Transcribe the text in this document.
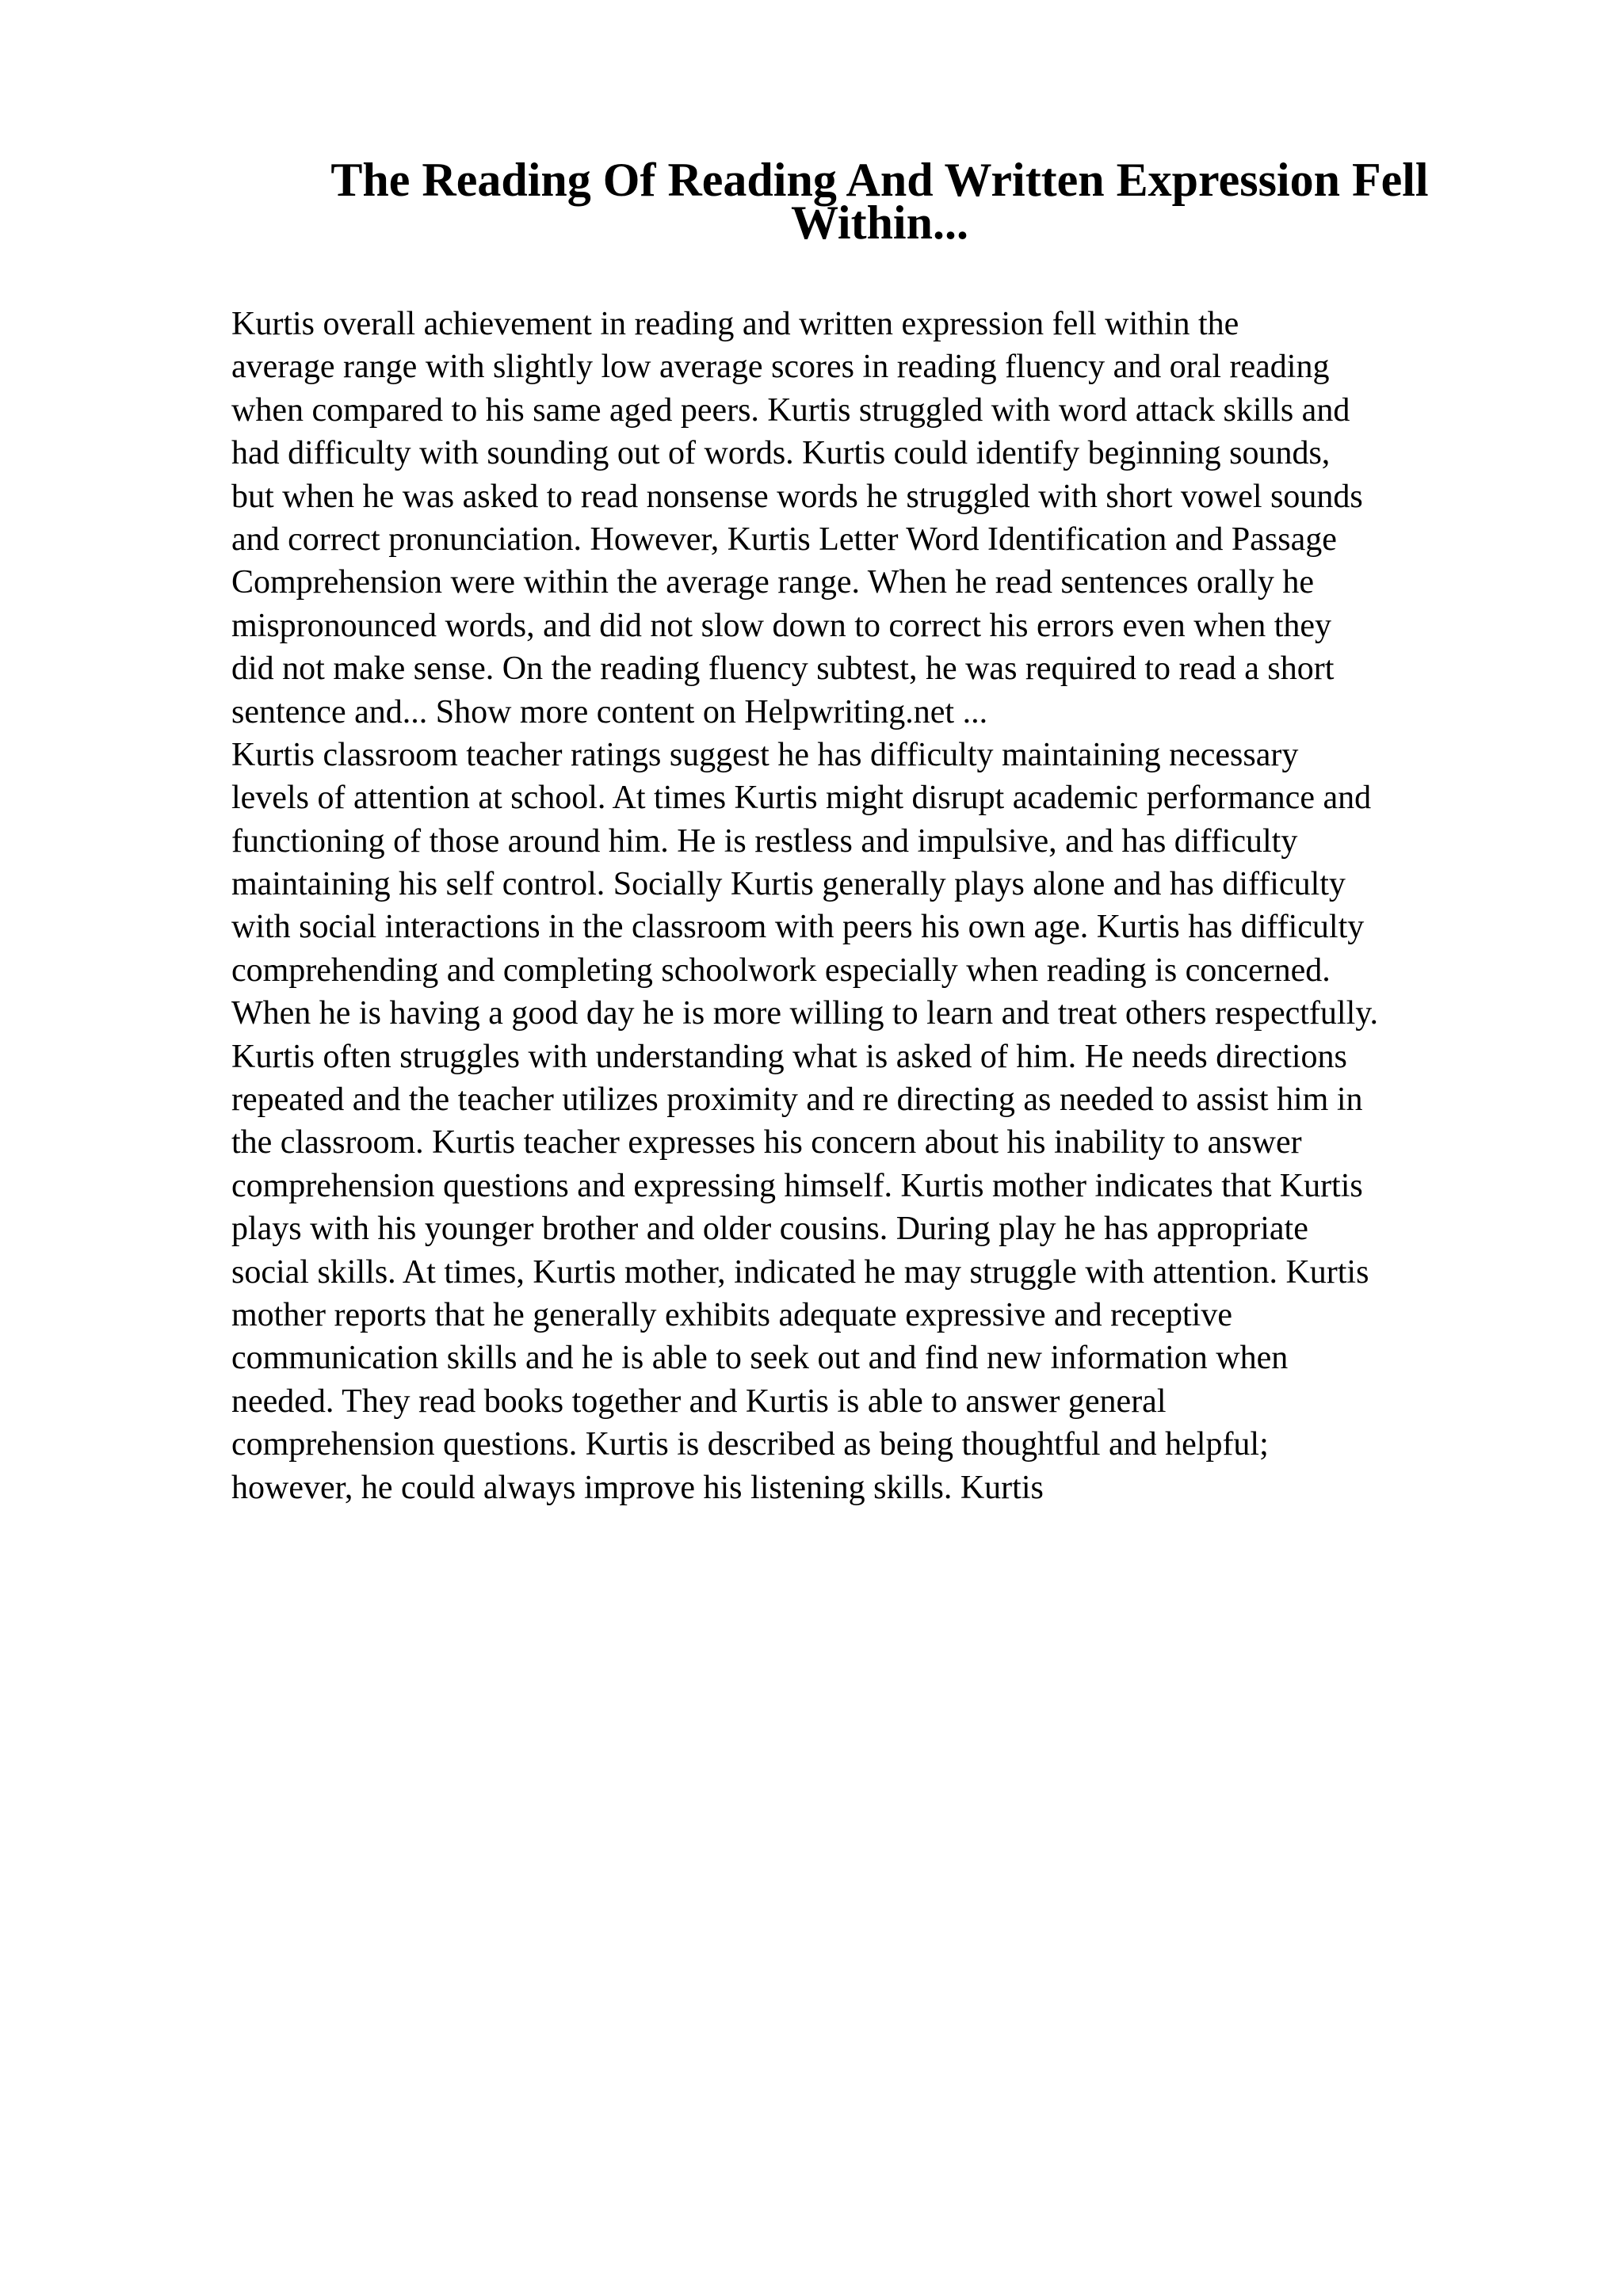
The Reading Of Reading And Written Expression Fell
Within...
Kurtis overall achievement in reading and written expression fell within the
average range with slightly low average scores in reading fluency and oral reading
when compared to his same aged peers. Kurtis struggled with word attack skills and
had difficulty with sounding out of words. Kurtis could identify beginning sounds,
but when he was asked to read nonsense words he struggled with short vowel sounds
and correct pronunciation. However, Kurtis Letter Word Identification and Passage
Comprehension were within the average range. When he read sentences orally he
mispronounced words, and did not slow down to correct his errors even when they
did not make sense. On the reading fluency subtest, he was required to read a short
sentence and... Show more content on Helpwriting.net ...
Kurtis classroom teacher ratings suggest he has difficulty maintaining necessary
levels of attention at school. At times Kurtis might disrupt academic performance and
functioning of those around him. He is restless and impulsive, and has difficulty
maintaining his self control. Socially Kurtis generally plays alone and has difficulty
with social interactions in the classroom with peers his own age. Kurtis has difficulty
comprehending and completing schoolwork especially when reading is concerned.
When he is having a good day he is more willing to learn and treat others respectfully.
Kurtis often struggles with understanding what is asked of him. He needs directions
repeated and the teacher utilizes proximity and re directing as needed to assist him in
the classroom. Kurtis teacher expresses his concern about his inability to answer
comprehension questions and expressing himself. Kurtis mother indicates that Kurtis
plays with his younger brother and older cousins. During play he has appropriate
social skills. At times, Kurtis mother, indicated he may struggle with attention. Kurtis
mother reports that he generally exhibits adequate expressive and receptive
communication skills and he is able to seek out and find new information when
needed. They read books together and Kurtis is able to answer general
comprehension questions. Kurtis is described as being thoughtful and helpful;
however, he could always improve his listening skills. Kurtis
